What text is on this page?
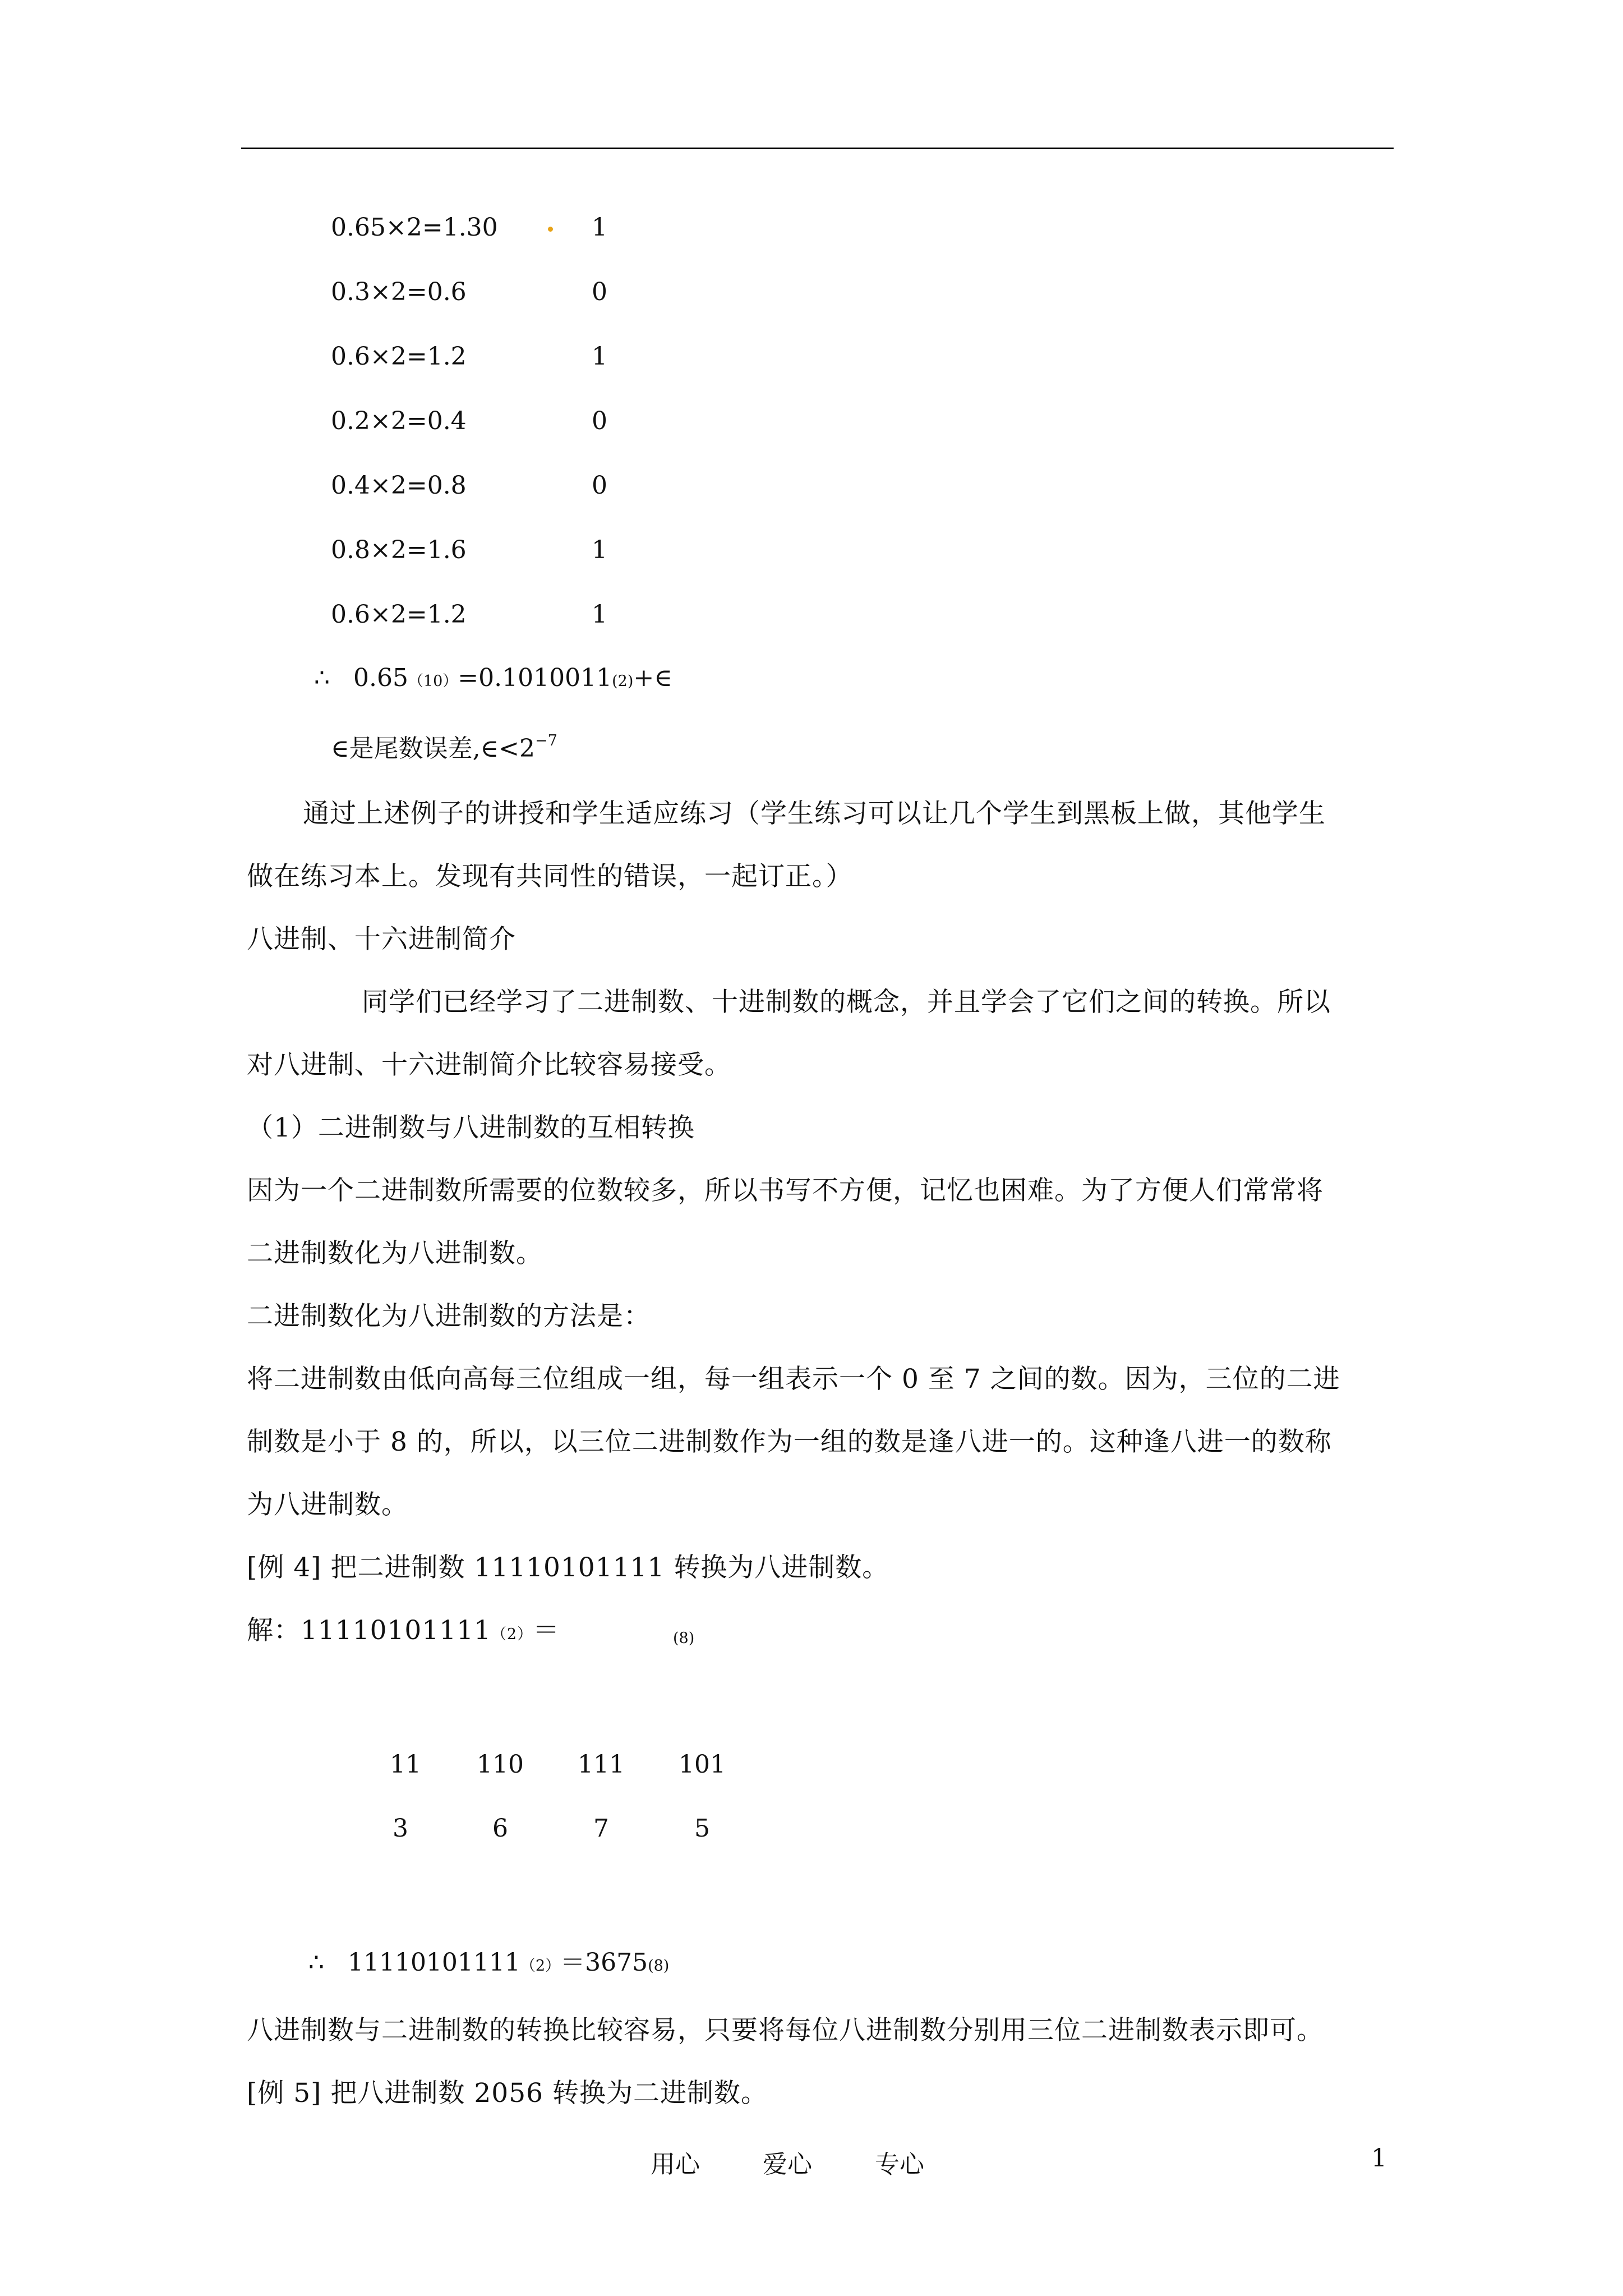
0.65×2=1.30	1
0.3×2=0.6	0
0.6×2=1.2	1
0.2×2=0.4	0
0.4×2=0.8	0
0.8×2=1.6	1
0.6×2=1.2	1
∴ 0.65（10）=0.1010011(2)+∈
∈是尾数误差$,\in<2^{-7}$
通过上述例子的讲授和学生适应练习（学生练习可以让几个学生到黑板上做，其他学生
做在练习本上。发现有共同性的错误，一起订正。）
八进制、十六进制简介
同学们已经学习了二进制数、十进制数的概念，并且学会了它们之间的转换。所以
对八进制、十六进制简介比较容易接受。
（1）二进制数与八进制数的互相转换
因为一个二进制数所需要的位数较多，所以书写不方便，记忆也困难。为了方便人们常常将
二进制数化为八进制数。
二进制数化为八进制数的方法是：
将二进制数由低向高每三位组成一组，每一组表示一个 0 至 7 之间的数。因为，三位的二进
制数是小于 8 的，所以，以三位二进制数作为一组的数是逢八进一的。这种逢八进一的数称
为八进制数。
[例 4] 把二进制数 11110101111 转换为八进制数。
解：11110101111（2）＝	(8)
11 110 111 101
3	6	7	5
∴ 11110101111（2）＝3675(8)
八进制数与二进制数的转换比较容易，只要将每位八进制数分别用三位二进制数表示即可。
[例 5] 把八进制数 2056 转换为二进制数。
用心	爱心	专心	1
